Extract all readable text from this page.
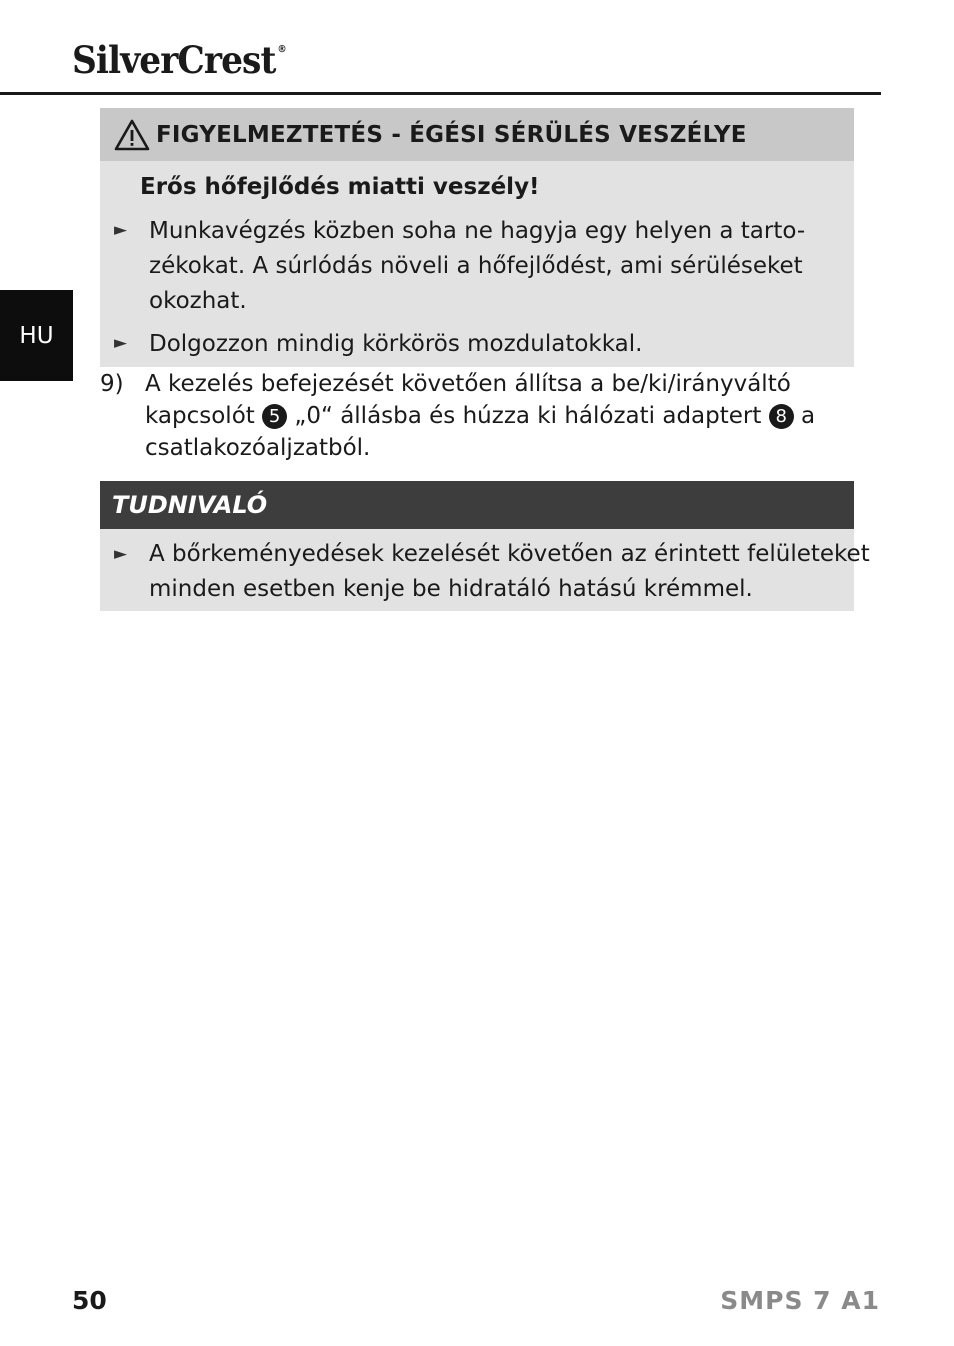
SilverCrest ®
HU
FIGYELMEZTETÉS - ÉGÉSI SÉRÜLÉS VESZÉLYE
Erős hőfejlődés miatti veszély!
► Munkavégzés közben soha ne hagyja egy helyen a tarto-
zékokat. A súrlódás növeli a hőfejlődést, ami sérüléseket
okozhat.
► Dolgozzon mindig körkörös mozdulatokkal.
9) A kezelés befejezését követően állítsa a be/ki/irányváltó
kapcsolót 5 „0“ állásba és húzza ki hálózati adaptert 8 a
csatlakozóaljzatból.
TUDNIVALÓ
► A bőrkeményedések kezelését követően az érintett felületeket
minden esetben kenje be hidratáló hatású krémmel.
50	SMPS 7 A1
